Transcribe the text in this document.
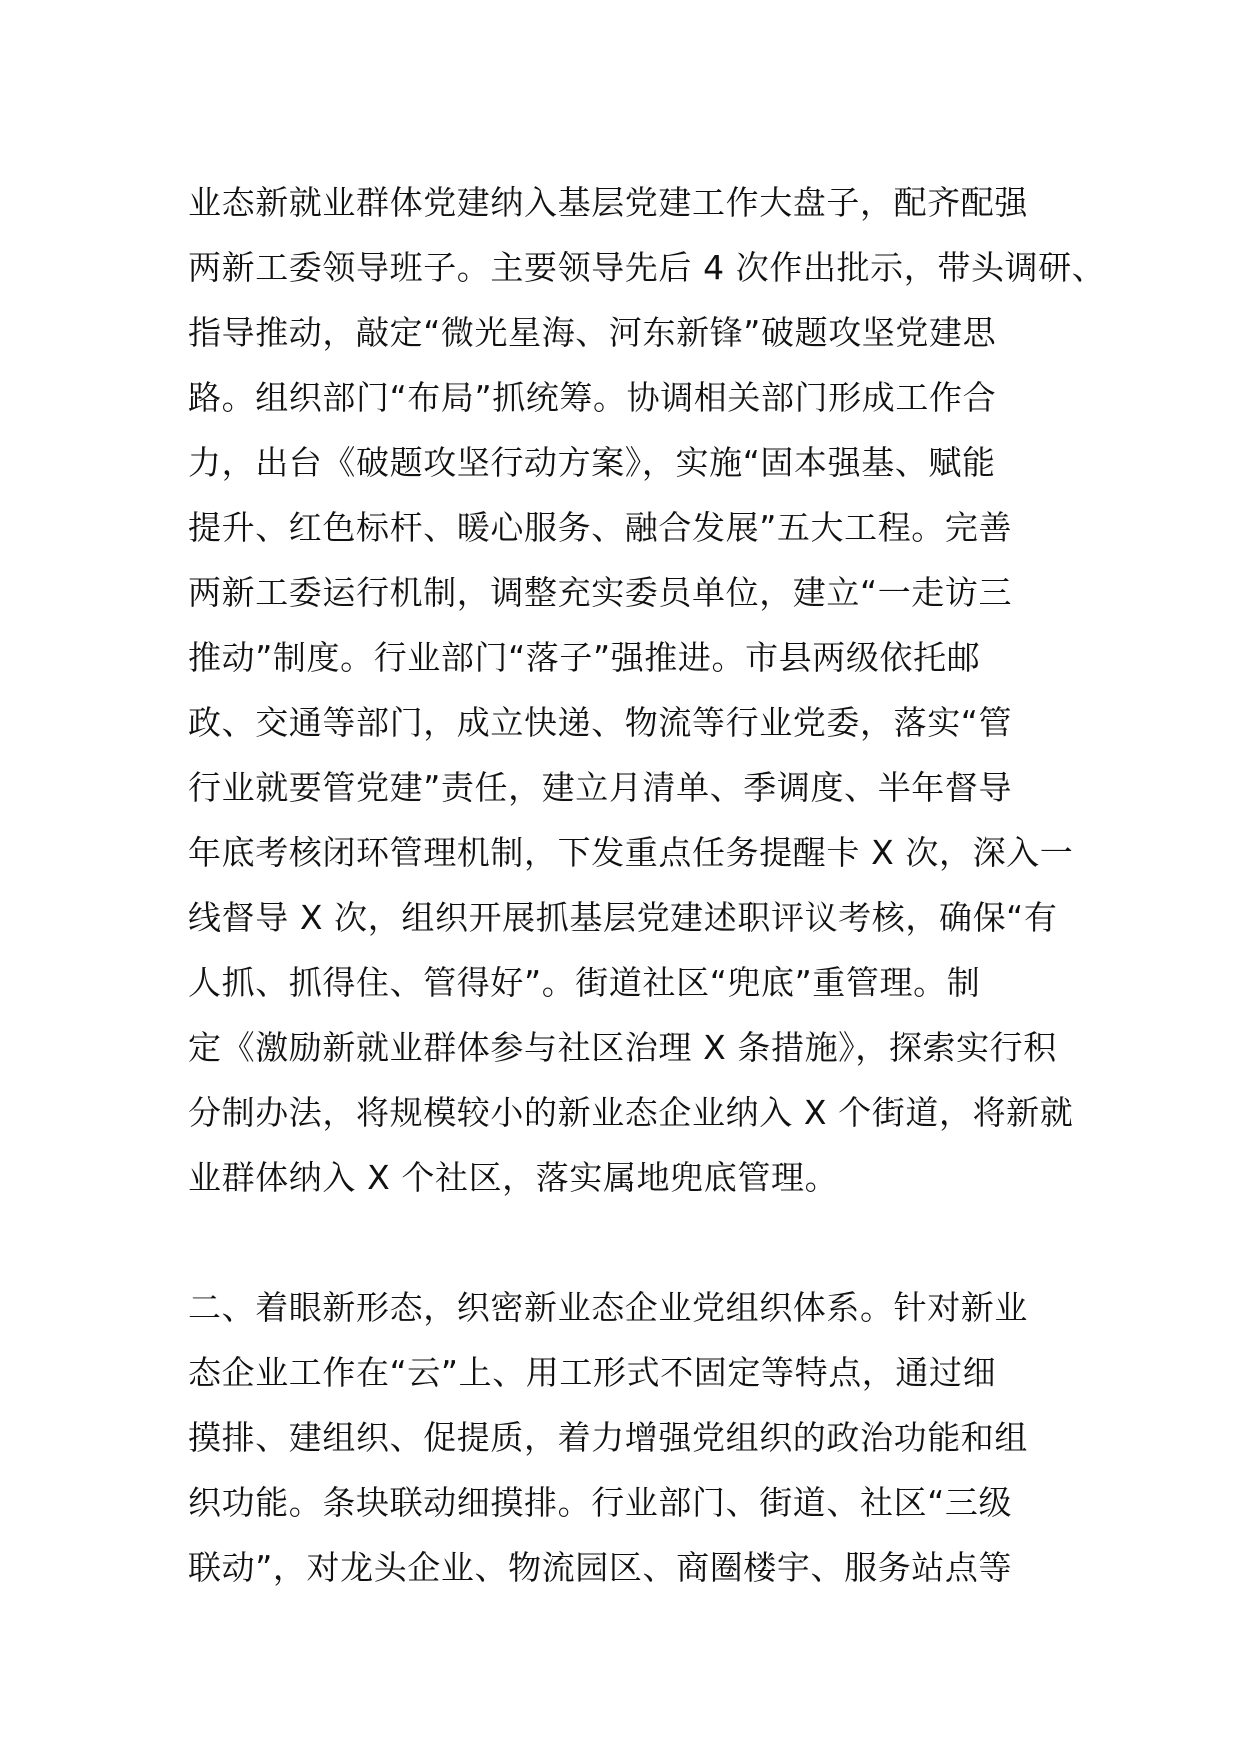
业态新就业群体党建纳入基层党建工作大盘子，配齐配强
两新工委领导班子。主要领导先后 4 次作出批示，带头调研、
指导推动，敲定“微光星海、河东新锋”破题攻坚党建思
路。组织部门“布局”抓统筹。协调相关部门形成工作合
力，出台《破题攻坚行动方案》，实施“固本强基、赋能
提升、红色标杆、暖心服务、融合发展”五大工程。完善
两新工委运行机制，调整充实委员单位，建立“一走访三
推动”制度。行业部门“落子”强推进。市县两级依托邮
政、交通等部门，成立快递、物流等行业党委，落实“管
行业就要管党建”责任，建立月清单、季调度、半年督导
年底考核闭环管理机制，下发重点任务提醒卡 X 次，深入一
线督导 X 次，组织开展抓基层党建述职评议考核，确保“有
人抓、抓得住、管得好”。街道社区“兜底”重管理。制
定《激励新就业群体参与社区治理 X 条措施》，探索实行积
分制办法，将规模较小的新业态企业纳入 X 个街道，将新就
业群体纳入 X 个社区，落实属地兜底管理。
二、着眼新形态，织密新业态企业党组织体系。针对新业
态企业工作在“云”上、用工形式不固定等特点，通过细
摸排、建组织、促提质，着力增强党组织的政治功能和组
织功能。条块联动细摸排。行业部门、街道、社区“三级
联动”，对龙头企业、物流园区、商圈楼宇、服务站点等
